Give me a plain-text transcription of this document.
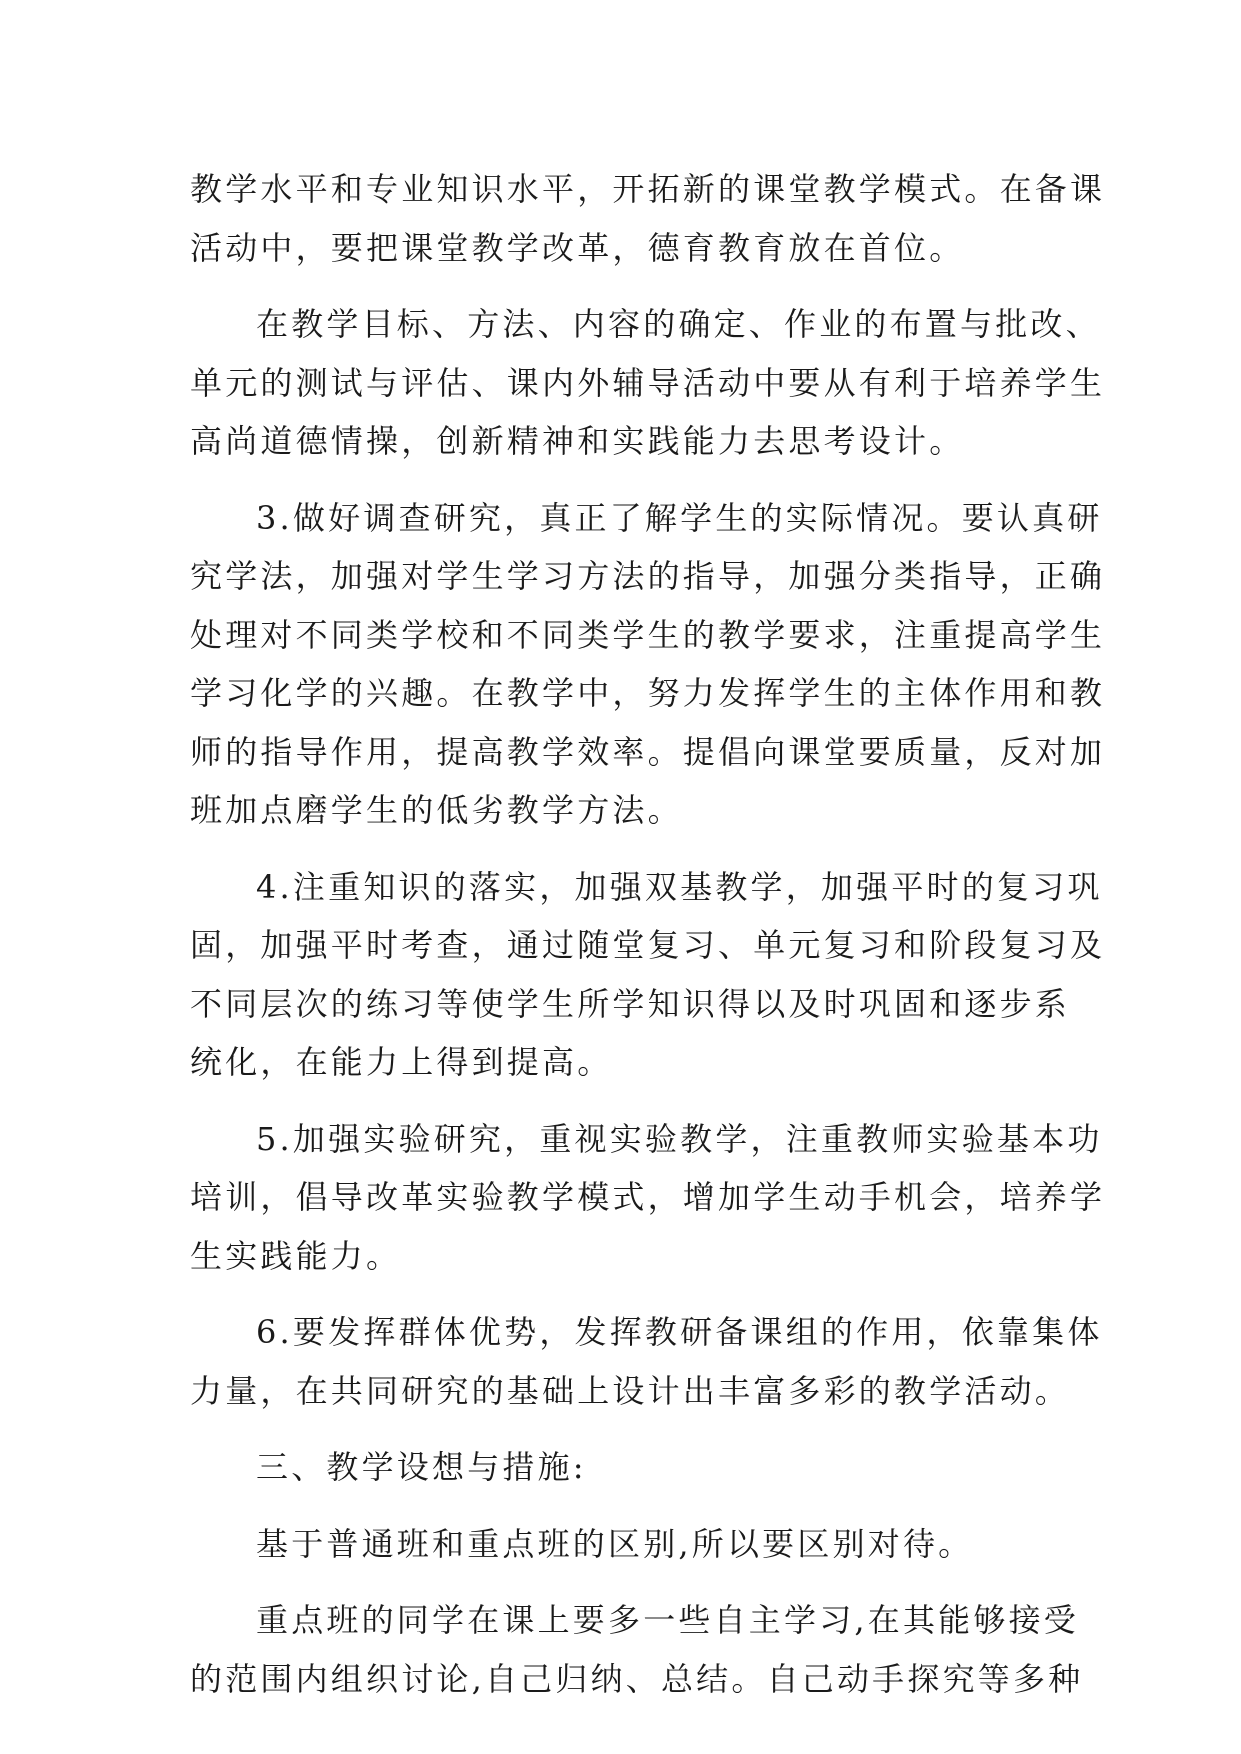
教学水平和专业知识水平，开拓新的课堂教学模式。在备课
活动中，要把课堂教学改革，德育教育放在首位。

在教学目标、方法、内容的确定、作业的布置与批改、
单元的测试与评估、课内外辅导活动中要从有利于培养学生
高尚道德情操，创新精神和实践能力去思考设计。

3.做好调查研究，真正了解学生的实际情况。要认真研
究学法，加强对学生学习方法的指导，加强分类指导，正确
处理对不同类学校和不同类学生的教学要求，注重提高学生
学习化学的兴趣。在教学中，努力发挥学生的主体作用和教
师的指导作用，提高教学效率。提倡向课堂要质量，反对加
班加点磨学生的低劣教学方法。

4.注重知识的落实，加强双基教学，加强平时的复习巩
固，加强平时考查，通过随堂复习、单元复习和阶段复习及
不同层次的练习等使学生所学知识得以及时巩固和逐步系
统化，在能力上得到提高。

5.加强实验研究，重视实验教学，注重教师实验基本功
培训，倡导改革实验教学模式，增加学生动手机会，培养学
生实践能力。

6.要发挥群体优势，发挥教研备课组的作用，依靠集体
力量，在共同研究的基础上设计出丰富多彩的教学活动。

三、教学设想与措施:

基于普通班和重点班的区别,所以要区别对待。

重点班的同学在课上要多一些自主学习,在其能够接受
的范围内组织讨论,自己归纳、总结。自己动手探究等多种
